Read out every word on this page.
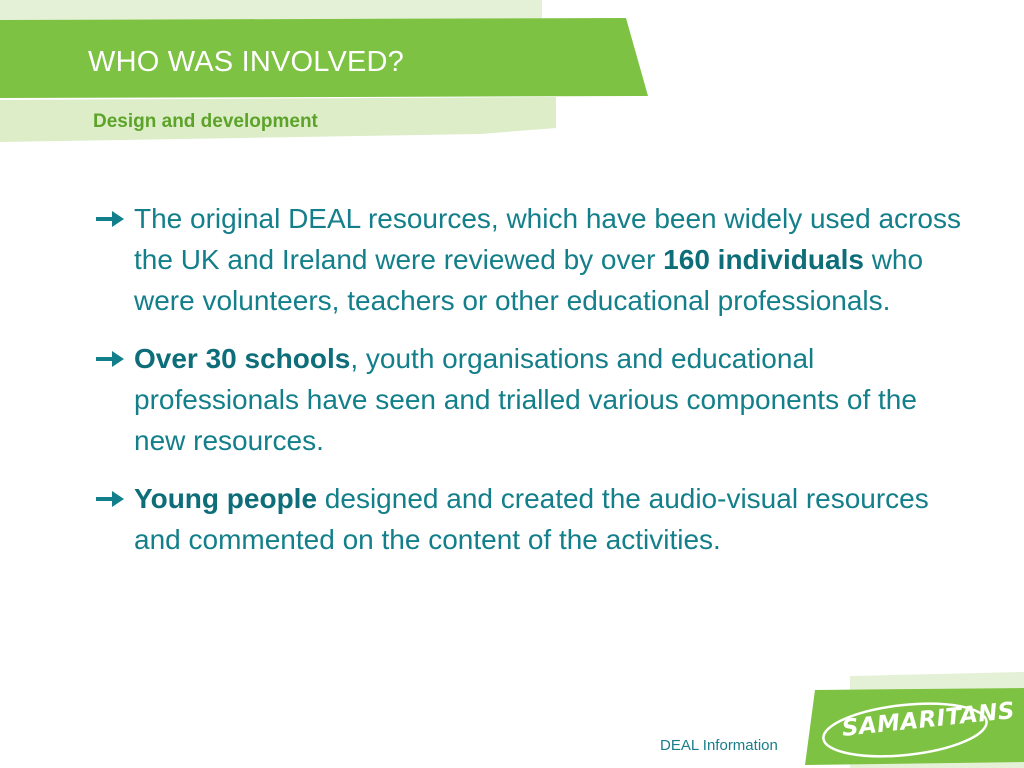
WHO WAS INVOLVED?
Design and development
The original DEAL resources, which have been widely used across the UK and Ireland were reviewed by over 160 individuals who were volunteers, teachers or other educational professionals.
Over 30 schools, youth organisations and educational professionals have seen and trialled various components of the new resources.
Young people designed and created the audio-visual resources and commented on the content of the activities.
DEAL Information
SAMARITANS
